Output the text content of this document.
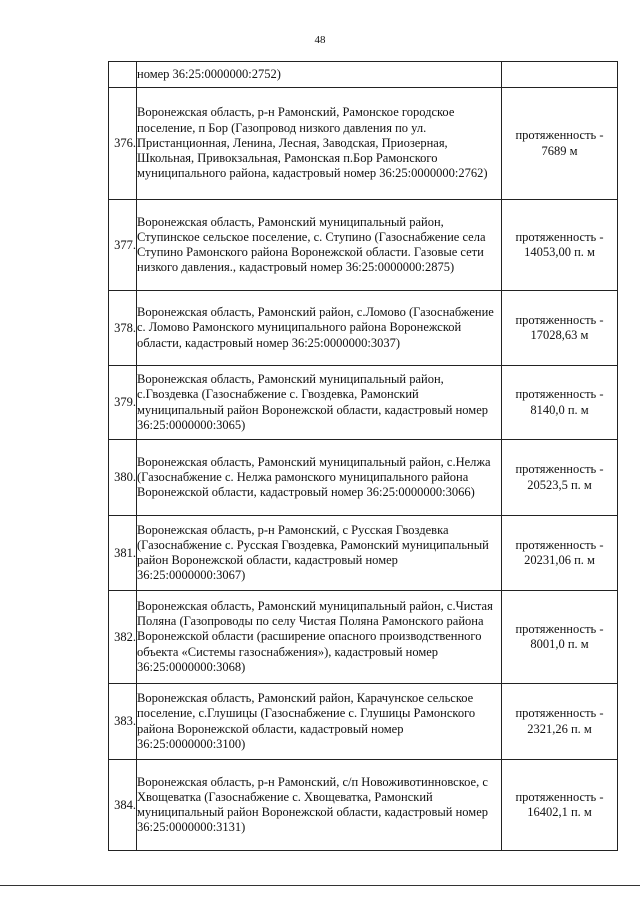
48
	номер 36:25:0000000:2752)	
376.	Воронежская область, р-н Рамонский, Рамонское городское поселение, п Бор (Газопровод низкого давления по ул. Пристанционная, Ленина, Лесная, Заводская, Приозерная, Школьная, Привокзальная, Рамонская п.Бор Рамонского муниципального района, кадастровый номер 36:25:0000000:2762)	протяженность - 7689 м
377.	Воронежская область, Рамонский муниципальный район, Ступинское сельское поселение, с. Ступино (Газоснабжение села Ступино Рамонского района Воронежской области. Газовые сети низкого давления., кадастровый номер 36:25:0000000:2875)	протяженность - 14053,00 п. м
378.	Воронежская область, Рамонский район, с.Ломово (Газоснабжение с. Ломово Рамонского муниципального района Воронежской области, кадастровый номер 36:25:0000000:3037)	протяженность - 17028,63 м
379.	Воронежская область, Рамонский муниципальный район, с.Гвоздевка (Газоснабжение с. Гвоздевка, Рамонский муниципальный район Воронежской области, кадастровый номер 36:25:0000000:3065)	протяженность - 8140,0 п. м
380.	Воронежская область, Рамонский муниципальный район, с.Нелжа (Газоснабжение с. Нелжа рамонского муниципального района Воронежской области, кадастровый номер 36:25:0000000:3066)	протяженность - 20523,5 п. м
381.	Воронежская область, р-н Рамонский, с Русская Гвоздевка (Газоснабжение с. Русская Гвоздевка, Рамонский муниципальный район Воронежской области, кадастровый номер 36:25:0000000:3067)	протяженность - 20231,06 п. м
382.	Воронежская область, Рамонский муниципальный район, с.Чистая Поляна (Газопроводы по селу Чистая Поляна Рамонского района Воронежской области (расширение опасного производственного объекта «Системы газоснабжения»), кадастровый номер 36:25:0000000:3068)	протяженность - 8001,0 п. м
383.	Воронежская область, Рамонский район, Карачунское сельское поселение, с.Глушицы (Газоснабжение с. Глушицы Рамонского района Воронежской области, кадастровый номер 36:25:0000000:3100)	протяженность - 2321,26 п. м
384.	Воронежская область, р-н Рамонский, с/п Новоживотинновское, с Хвощеватка (Газоснабжение с. Хвощеватка, Рамонский муниципальный район Воронежской области, кадастровый номер 36:25:0000000:3131)	протяженность - 16402,1 п. м
